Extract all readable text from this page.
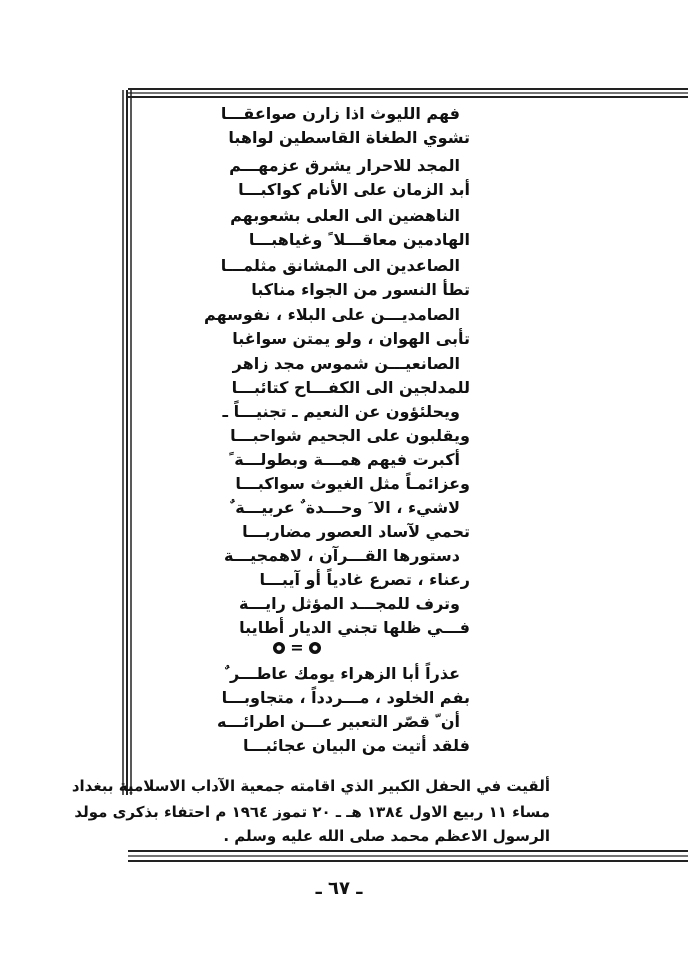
فهم الليوث اذا زارن صواعقـــا
تشوي الطغاة القاسطين لواهبا
المجد للاحرار يشرق عزمهـــم
أبد الزمان على الأنام كواكبـــا
الناهضين الى العلى بشعوبهم
الهادمين معاقـــلا ً وغياهبـــا
الصاعدين الى المشانق مثلمـــا
تطأ النسور من الجواء مناكبا
الصامديـــن على البلاء ، نفوسهم
تأبى الهوان ، ولو يمتن سواغبا
الصانعيـــن شموس مجد زاهر
للمدلجين الى الكفـــاح كتائبـــا
ويحلئؤون عن النعيم ـ تجنيـــاً ـ
ويقلبون على الجحيم شواحبـــا
أكبرت فيهم همـــة وبطولـــة ً
وعزائمـاً مثل الغيوث سواكبـــا
لاشيء ، الا َ وحـــدة ٌ عربيـــة ٌ
تحمي لآساد العصور مضاربـــا
دستورها القـــرآن ، لاهمجيـــة
رعناء ، تصرع غادياً أو آيبـــا
وترف للمجـــد المؤثل رايـــة
فـــي ظلها تجني الديار أطايبا
=
عذراً أبا الزهراء يومك عاطـــر ٌ
بفم الخلود ، مـــردداً ، متجاوبـــا
أن ّ قصّر التعبير عـــن اطرائـــه
فلقد أتيت من البيان عجائبـــا
ألقيت في الحفل الكبير الذي اقامته جمعية الآداب الاسلامية ببغداد
مساء ١١ ربيع الاول ١٣٨٤ هـ ـ ٢٠ تموز ١٩٦٤ م احتفاء بذكرى مولد
الرسول الاعظم محمد صلى الله عليه وسلم .
ـ ٦٧ ـ
